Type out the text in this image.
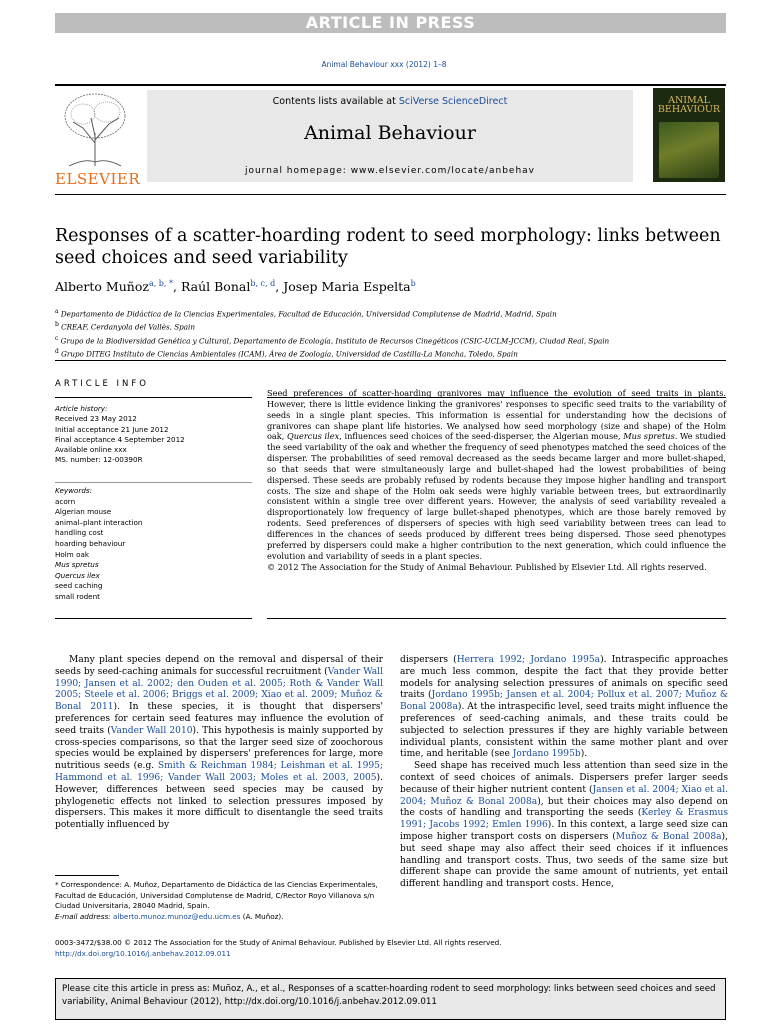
ARTICLE IN PRESS
Animal Behaviour xxx (2012) 1–8
ELSEVIER
Contents lists available at SciVerse ScienceDirect
Animal Behaviour
journal homepage: www.elsevier.com/locate/anbehav
ANIMAL BEHAVIOUR
Responses of a scatter-hoarding rodent to seed morphology: links between seed choices and seed variability
Alberto Muñoz$^{a, b, *}$, Raúl Bonal$^{b, c, d}$, Josep Maria Espelta$^b$
$^a$ Departamento de Didáctica de la Ciencias Experimentales, Facultad de Educación, Universidad Complutense de Madrid, Madrid, Spain
$^b$ CREAF, Cerdanyola del Vallès, Spain
$^c$ Grupo de la Biodiversidad Genética y Cultural, Departamento de Ecología, Instituto de Recursos Cinegéticos (CSIC-UCLM-JCCM), Ciudad Real, Spain
$^d$ Grupo DITEG Instituto de Ciencias Ambientales (ICAM), Área de Zoología, Universidad de Castilla-La Mancha, Toledo, Spain
ARTICLE INFO
Article history:
Received 23 May 2012
Initial acceptance 21 June 2012
Final acceptance 4 September 2012
Available online xxx
MS. number: 12-00390R
Keywords:
acorn
Algerian mouse
animal–plant interaction
handling cost
hoarding behaviour
Holm oak
Mus spretus
Quercus ilex
seed caching
small rodent
Seed preferences of scatter-hoarding granivores may influence the evolution of seed traits in plants. However, there is little evidence linking the granivores' responses to specific seed traits to the variability of seeds in a single plant species. This information is essential for understanding how the decisions of granivores can shape plant life histories. We analysed how seed morphology (size and shape) of the Holm oak, Quercus ilex, influences seed choices of the seed-disperser, the Algerian mouse, Mus spretus. We studied the seed variability of the oak and whether the frequency of seed phenotypes matched the seed choices of the disperser. The probabilities of seed removal decreased as the seeds became larger and more bullet-shaped, so that seeds that were simultaneously large and bullet-shaped had the lowest probabilities of being dispersed. These seeds are probably refused by rodents because they impose higher handling and transport costs. The size and shape of the Holm oak seeds were highly variable between trees, but extraordinarily consistent within a single tree over different years. However, the analysis of seed variability revealed a disproportionately low frequency of large bullet-shaped phenotypes, which are those barely removed by rodents. Seed preferences of dispersers of species with high seed variability between trees can lead to differences in the chances of seeds produced by different trees being dispersed. Those seed phenotypes preferred by dispersers could make a higher contribution to the next generation, which could influence the evolution and variability of seeds in a plant species.
© 2012 The Association for the Study of Animal Behaviour. Published by Elsevier Ltd. All rights reserved.

Many plant species depend on the removal and dispersal of their seeds by seed-caching animals for successful recruitment (Vander Wall 1990; Jansen et al. 2002; den Ouden et al. 2005; Roth & Vander Wall 2005; Steele et al. 2006; Briggs et al. 2009; Xiao et al. 2009; Muñoz & Bonal 2011). In these species, it is thought that dispersers' preferences for certain seed features may influence the evolution of seed traits (Vander Wall 2010). This hypothesis is mainly supported by cross-species comparisons, so that the larger seed size of zoochorous species would be explained by dispersers' preferences for large, more nutritious seeds (e.g. Smith & Reichman 1984; Leishman et al. 1995; Hammond et al. 1996; Vander Wall 2003; Moles et al. 2003, 2005). However, differences between seed species may be caused by phylogenetic effects not linked to selection pressures imposed by dispersers. This makes it more difficult to disentangle the seed traits potentially influenced by

dispersers (Herrera 1992; Jordano 1995a). Intraspecific approaches are much less common, despite the fact that they provide better models for analysing selection pressures of animals on specific seed traits (Jordano 1995b; Jansen et al. 2004; Pollux et al. 2007; Muñoz & Bonal 2008a). At the intraspecific level, seed traits might influence the preferences of seed-caching animals, and these traits could be subjected to selection pressures if they are highly variable between individual plants, consistent within the same mother plant and over time, and heritable (see Jordano 1995b).

Seed shape has received much less attention than seed size in the context of seed choices of animals. Dispersers prefer larger seeds because of their higher nutrient content (Jansen et al. 2004; Xiao et al. 2004; Muñoz & Bonal 2008a), but their choices may also depend on the costs of handling and transporting the seeds (Kerley & Erasmus 1991; Jacobs 1992; Emlen 1996). In this context, a large seed size can impose higher transport costs on dispersers (Muñoz & Bonal 2008a), but seed shape may also affect their seed choices if it influences handling and transport costs. Thus, two seeds of the same size but different shape can provide the same amount of nutrients, yet entail different handling and transport costs. Hence,

* Correspondence: A. Muñoz, Departamento de Didáctica de las Ciencias Experimentales, Facultad de Educación, Universidad Complutense de Madrid, C/Rector Royo Villanova s/n Ciudad Universitaria, 28040 Madrid, Spain.
E-mail address: alberto.munoz.munoz@edu.ucm.es (A. Muñoz).
0003-3472/$38.00 © 2012 The Association for the Study of Animal Behaviour. Published by Elsevier Ltd. All rights reserved.
http://dx.doi.org/10.1016/j.anbehav.2012.09.011
Please cite this article in press as: Muñoz, A., et al., Responses of a scatter-hoarding rodent to seed morphology: links between seed choices and seed variability, Animal Behaviour (2012), http://dx.doi.org/10.1016/j.anbehav.2012.09.011
